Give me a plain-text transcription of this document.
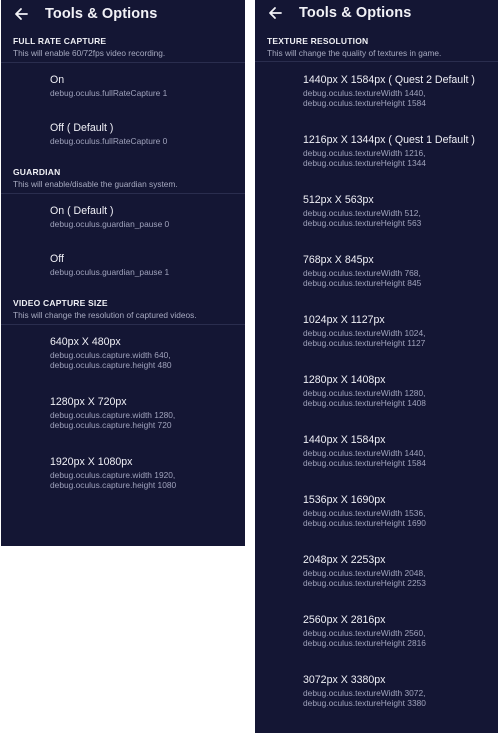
Tools & Options
FULL RATE CAPTURE
This will enable 60/72fps video recording.
On
debug.oculus.fullRateCapture 1
Off ( Default )
debug.oculus.fullRateCapture 0
GUARDIAN
This will enable/disable the guardian system.
On ( Default )
debug.oculus.guardian_pause 0
Off
debug.oculus.guardian_pause 1
VIDEO CAPTURE SIZE
This will change the resolution of captured videos.
640px X 480px
debug.oculus.capture.width 640,
debug.oculus.capture.height 480
1280px X 720px
debug.oculus.capture.width 1280,
debug.oculus.capture.height 720
1920px X 1080px
debug.oculus.capture.width 1920,
debug.oculus.capture.height 1080
Tools & Options
TEXTURE RESOLUTION
This will change the quality of textures in game.
1440px X 1584px ( Quest 2 Default )
debug.oculus.textureWidth 1440,
debug.oculus.textureHeight 1584
1216px X 1344px ( Quest 1 Default )
debug.oculus.textureWidth 1216,
debug.oculus.textureHeight 1344
512px X 563px
debug.oculus.textureWidth 512,
debug.oculus.textureHeight 563
768px X 845px
debug.oculus.textureWidth 768,
debug.oculus.textureHeight 845
1024px X 1127px
debug.oculus.textureWidth 1024,
debug.oculus.textureHeight 1127
1280px X 1408px
debug.oculus.textureWidth 1280,
debug.oculus.textureHeight 1408
1440px X 1584px
debug.oculus.textureWidth 1440,
debug.oculus.textureHeight 1584
1536px X 1690px
debug.oculus.textureWidth 1536,
debug.oculus.textureHeight 1690
2048px X 2253px
debug.oculus.textureWidth 2048,
debug.oculus.textureHeight 2253
2560px X 2816px
debug.oculus.textureWidth 2560,
debug.oculus.textureHeight 2816
3072px X 3380px
debug.oculus.textureWidth 3072,
debug.oculus.textureHeight 3380
